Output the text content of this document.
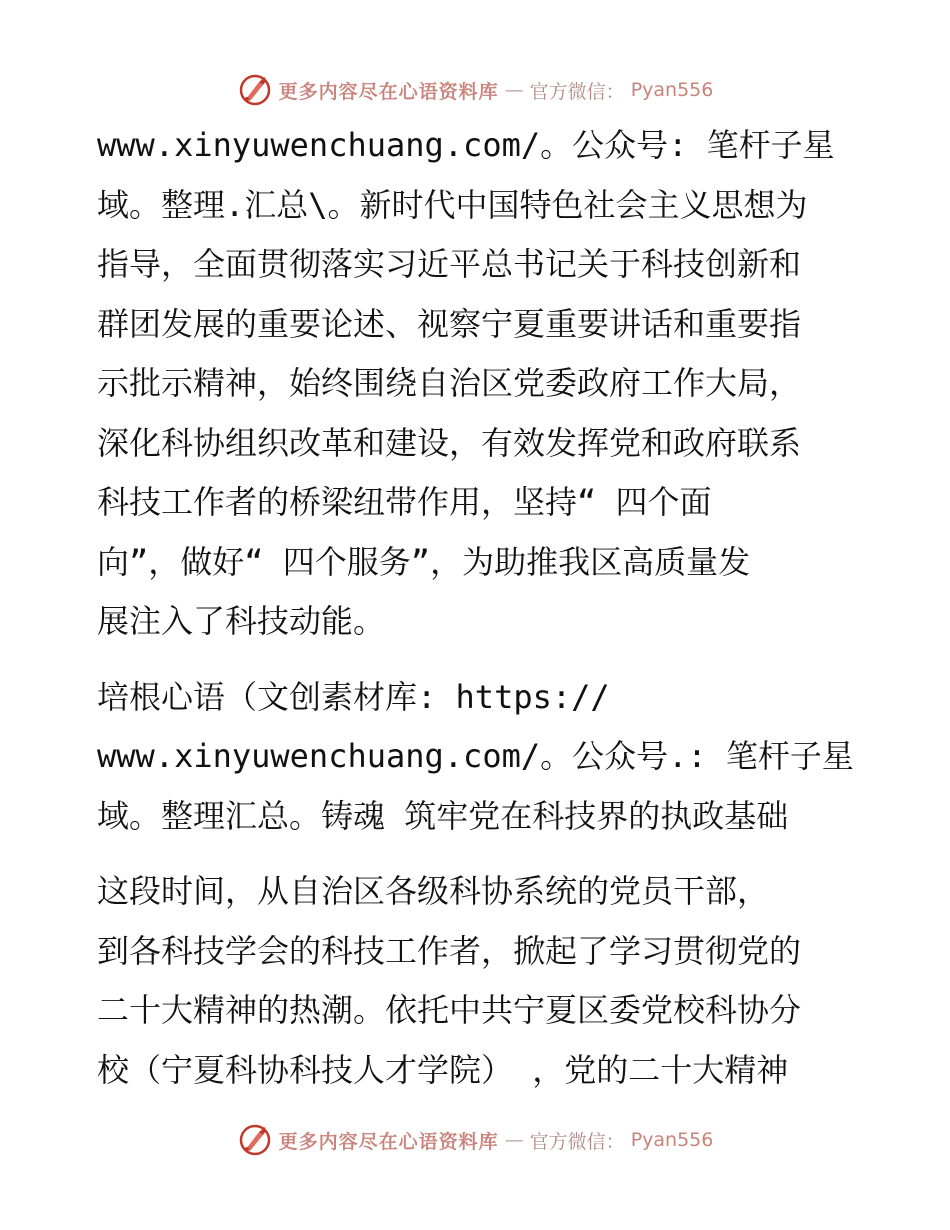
更多内容尽在心语资料库 — 官方微信： Pyan556
www.xinyuwenchuang.com/。公众号: 笔杆子星
域。整理.汇总\。新时代中国特色社会主义思想为
指导，全面贯彻落实习近平总书记关于科技创新和
群团发展的重要论述、视察宁夏重要讲话和重要指
示批示精神，始终围绕自治区党委政府工作大局，
深化科协组织改革和建设，有效发挥党和政府联系
科技工作者的桥梁纽带作用，坚持“ 四个面
向”，做好“ 四个服务”，为助推我区高质量发
展注入了科技动能。
培根心语（文创素材库: https://
www.xinyuwenchuang.com/。公众号.: 笔杆子星
域。整理汇总。铸魂 筑牢党在科技界的执政基础
这段时间，从自治区各级科协系统的党员干部，
到各科技学会的科技工作者，掀起了学习贯彻党的
二十大精神的热潮。依托中共宁夏区委党校科协分
校（宁夏科协科技人才学院） ，党的二十大精神
更多内容尽在心语资料库 — 官方微信： Pyan556
